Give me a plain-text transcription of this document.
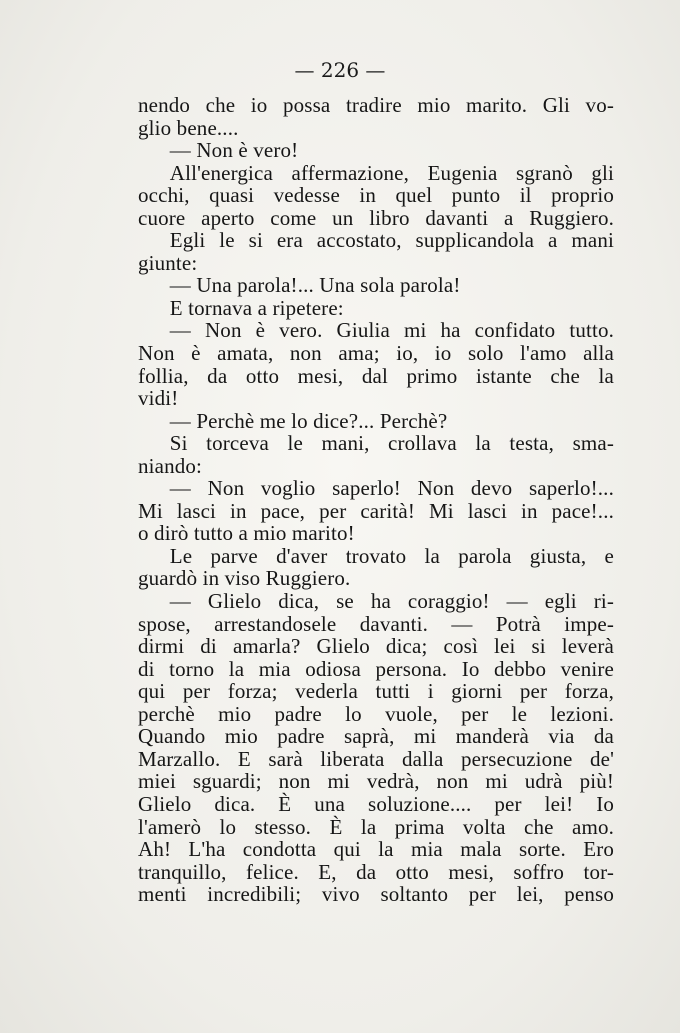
— 226 —
nendo che io possa tradire mio marito. Gli vo-
glio bene....
  — Non è vero!
  All'energica affermazione, Eugenia sgranò gli
occhi, quasi vedesse in quel punto il proprio
cuore aperto come un libro davanti a Ruggiero.
  Egli le si era accostato, supplicandola a mani
giunte:
  — Una parola!... Una sola parola!
  E tornava a ripetere:
  — Non è vero. Giulia mi ha confidato tutto.
Non è amata, non ama; io, io solo l'amo alla
follia, da otto mesi, dal primo istante che la
vidi!
  — Perchè me lo dice?... Perchè?
  Si torceva le mani, crollava la testa, sma-
niando:
  — Non voglio saperlo! Non devo saperlo!...
Mi lasci in pace, per carità! Mi lasci in pace!...
o dirò tutto a mio marito!
  Le parve d'aver trovato la parola giusta, e
guardò in viso Ruggiero.
  — Glielo dica, se ha coraggio! — egli ri-
spose, arrestandosele davanti. — Potrà impe-
dirmi di amarla? Glielo dica; così lei si leverà
di torno la mia odiosa persona. Io debbo venire
qui per forza; vederla tutti i giorni per forza,
perchè mio padre lo vuole, per le lezioni.
Quando mio padre saprà, mi manderà via da
Marzallo. E sarà liberata dalla persecuzione de'
miei sguardi; non mi vedrà, non mi udrà più!
Glielo dica. È una soluzione.... per lei! Io
l'amerò lo stesso. È la prima volta che amo.
Ah! L'ha condotta qui la mia mala sorte. Ero
tranquillo, felice. E, da otto mesi, soffro tor-
menti incredibili; vivo soltanto per lei, penso
